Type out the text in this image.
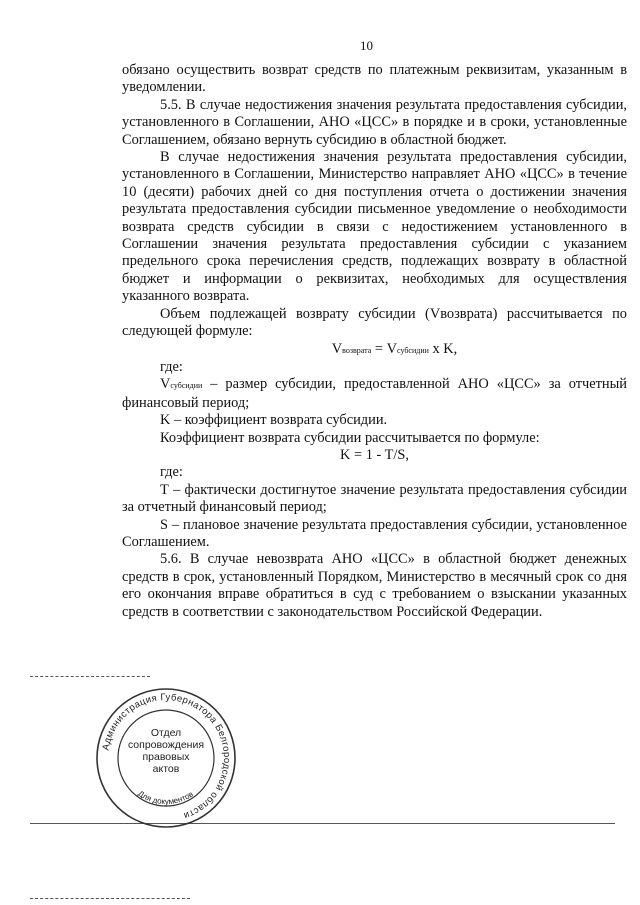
10

обязано осуществить возврат средств по платежным реквизитам, указанным в уведомлении.

5.5. В случае недостижения значения результата предоставления субсидии, установленного в Соглашении, АНО «ЦСС» в порядке и в сроки, установленные Соглашением, обязано вернуть субсидию в областной бюджет.

В случае недостижения значения результата предоставления субсидии, установленного в Соглашении, Министерство направляет АНО «ЦСС» в течение 10 (десяти) рабочих дней со дня поступления отчета о достижении значения результата предоставления субсидии письменное уведомление о необходимости возврата средств субсидии в связи с недостижением установленного в Соглашении значения результата предоставления субсидии с указанием предельного срока перечисления средств, подлежащих возврату в областной бюджет и информации о реквизитах, необходимых для осуществления указанного возврата.

Объем подлежащей возврату субсидии (Vвозврата) рассчитывается по следующей формуле:

Vвозврата = Vсубсидии x K,

где:

Vсубсидии – размер субсидии, предоставленной АНО «ЦСС» за отчетный финансовый период;

K – коэффициент возврата субсидии.

Коэффициент возврата субсидии рассчитывается по формуле:

K = 1 - T/S,

где:

Т – фактически достигнутое значение результата предоставления субсидии за отчетный финансовый период;

S – плановое значение результата предоставления субсидии, установленное Соглашением.

5.6. В случае невозврата АНО «ЦСС» в областной бюджет денежных средств в срок, установленный Порядком, Министерство в месячный срок со дня его окончания вправе обратиться в суд с требованием о взыскании указанных средств в соответствии с законодательством Российской Федерации.

Администрация Губернатора Белгородской области
Для документов
Отдел
сопровождения
правовых
актов
